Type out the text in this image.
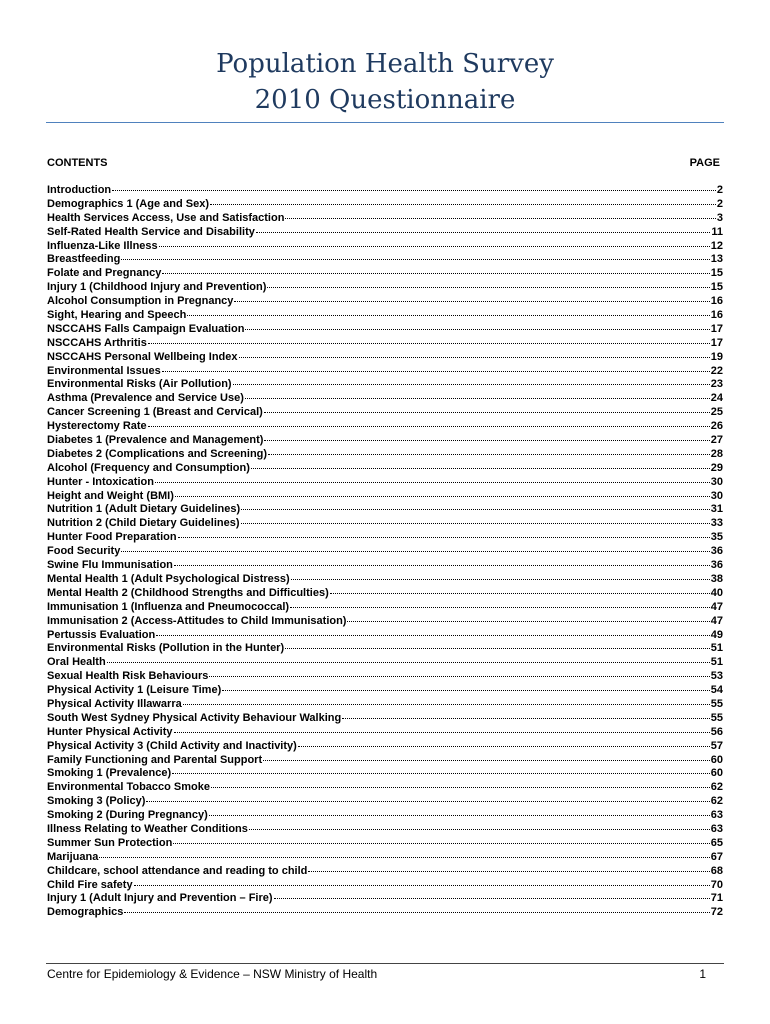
Population Health Survey
2010 Questionnaire
CONTENTS	PAGE
Introduction	2
Demographics 1 (Age and Sex)	2
Health Services Access, Use and Satisfaction	3
Self-Rated Health Service and Disability	11
Influenza-Like Illness	12
Breastfeeding	13
Folate and Pregnancy	15
Injury 1 (Childhood Injury and Prevention)	15
Alcohol Consumption in Pregnancy	16
Sight, Hearing and Speech	16
NSCCAHS Falls Campaign Evaluation	17
NSCCAHS Arthritis	17
NSCCAHS Personal Wellbeing Index	19
Environmental Issues	22
Environmental Risks (Air Pollution)	23
Asthma (Prevalence and Service Use)	24
Cancer Screening 1 (Breast and Cervical)	25
Hysterectomy Rate	26
Diabetes 1 (Prevalence and Management)	27
Diabetes 2 (Complications and Screening)	28
Alcohol (Frequency and Consumption)	29
Hunter - Intoxication	30
Height and Weight (BMI)	30
Nutrition 1 (Adult Dietary Guidelines)	31
Nutrition 2 (Child Dietary Guidelines)	33
Hunter Food Preparation	35
Food Security	36
Swine Flu Immunisation	36
Mental Health 1 (Adult Psychological Distress)	38
Mental Health 2 (Childhood Strengths and Difficulties)	40
Immunisation 1 (Influenza and Pneumococcal)	47
Immunisation 2 (Access-Attitudes to Child Immunisation)	47
Pertussis Evaluation	49
Environmental Risks (Pollution in the Hunter)	51
Oral Health	51
Sexual Health Risk Behaviours	53
Physical Activity 1 (Leisure Time)	54
Physical Activity Illawarra	55
South West Sydney Physical Activity Behaviour Walking	55
Hunter Physical Activity	56
Physical Activity 3 (Child Activity and Inactivity)	57
Family Functioning and Parental Support	60
Smoking 1 (Prevalence)	60
Environmental Tobacco Smoke	62
Smoking 3 (Policy)	62
Smoking 2 (During Pregnancy)	63
Illness Relating to Weather Conditions	63
Summer Sun Protection	65
Marijuana	67
Childcare, school attendance and reading to child	68
Child Fire safety	70
Injury 1 (Adult Injury and Prevention – Fire)	71
Demographics	72
Centre for Epidemiology & Evidence – NSW Ministry of Health	1
